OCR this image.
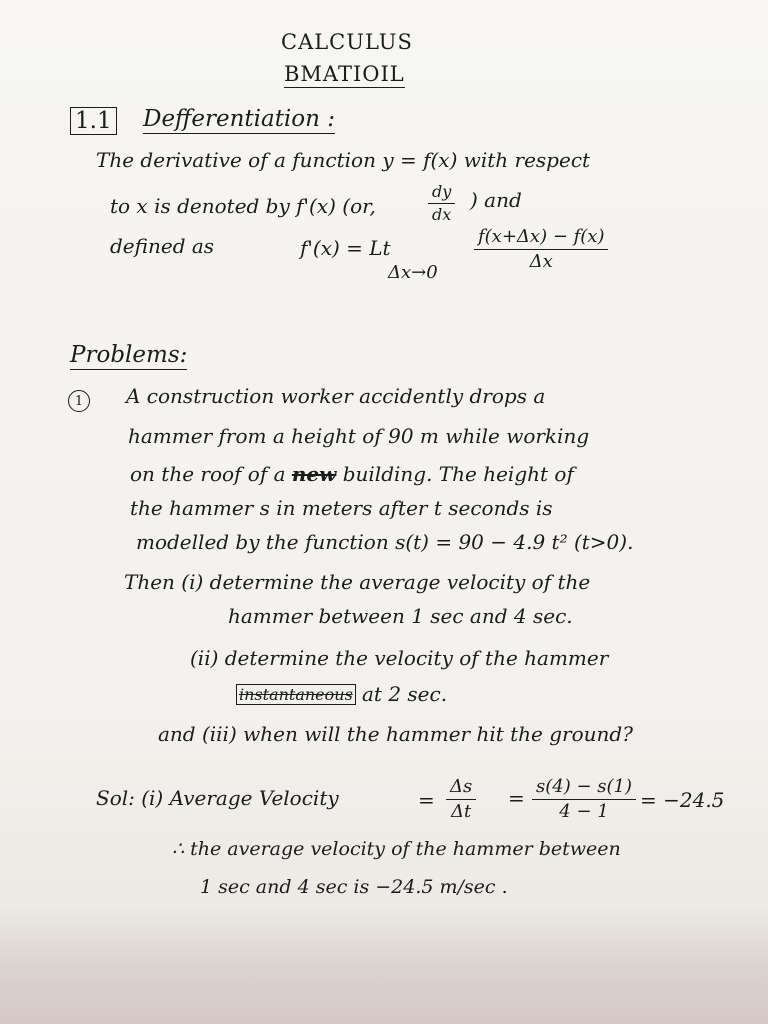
CALCULUS
BMATIOIL
1.1 Defferentiation :
The derivative of a function y = f(x) with respect
to x is denoted by f'(x) (or,	$\frac{dy}{dx}$ ) and
defined as	f'(x) = Lt
Δx→0
$\frac{f(x+\Delta x) - f(x)}{\Delta x}$
Problems:
1 A construction worker accidently drops a
hammer from a height of 90 m while working
on the roof of a new building. The height of
the hammer s in meters after t seconds is
modelled by the function s(t) = 90 − 4.9 t² (t>0).
Then (i) determine the average velocity of the
hammer between 1 sec and 4 sec.
(ii) determine the velocity of the hammer
instantaneous at 2 sec.
and (iii) when will the hammer hit the ground?
Sol: (i) Average Velocity	= $\frac{\Delta s}{\Delta t} = \frac{s(4) - s(1)}{4 - 1} = -24.5$
∴ the average velocity of the hammer between
1 sec and 4 sec is −24.5 m/sec .
